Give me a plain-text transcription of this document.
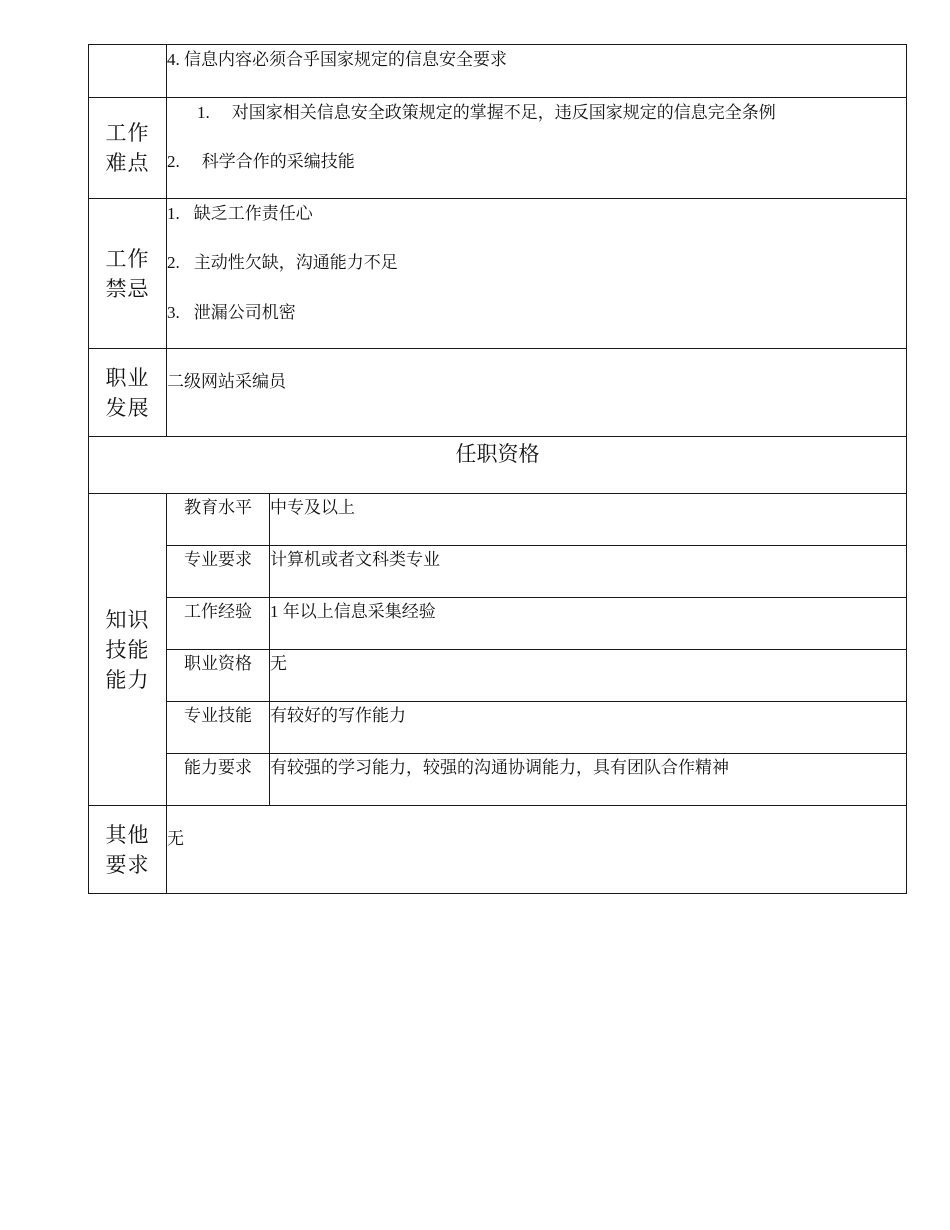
	4. 信息内容必须合乎国家规定的信息安全要求	

工作难点	1. 对国家相关信息安全政策规定的掌握不足，违反国家规定的信息完全条例
2. 科学合作的采编技能	

工作禁忌	1. 缺乏工作责任心
2. 主动性欠缺，沟通能力不足
3. 泄漏公司机密	

职业发展	二级网站采编员	

任职资格		
知识技能能力	教育水平	中专及以上
	专业要求	计算机或者文科类专业
	工作经验	1 年以上信息采集经验
	职业资格	无
	专业技能	有较好的写作能力
	能力要求	有较强的学习能力，较强的沟通协调能力，具有团队合作精神
其他要求	无	
